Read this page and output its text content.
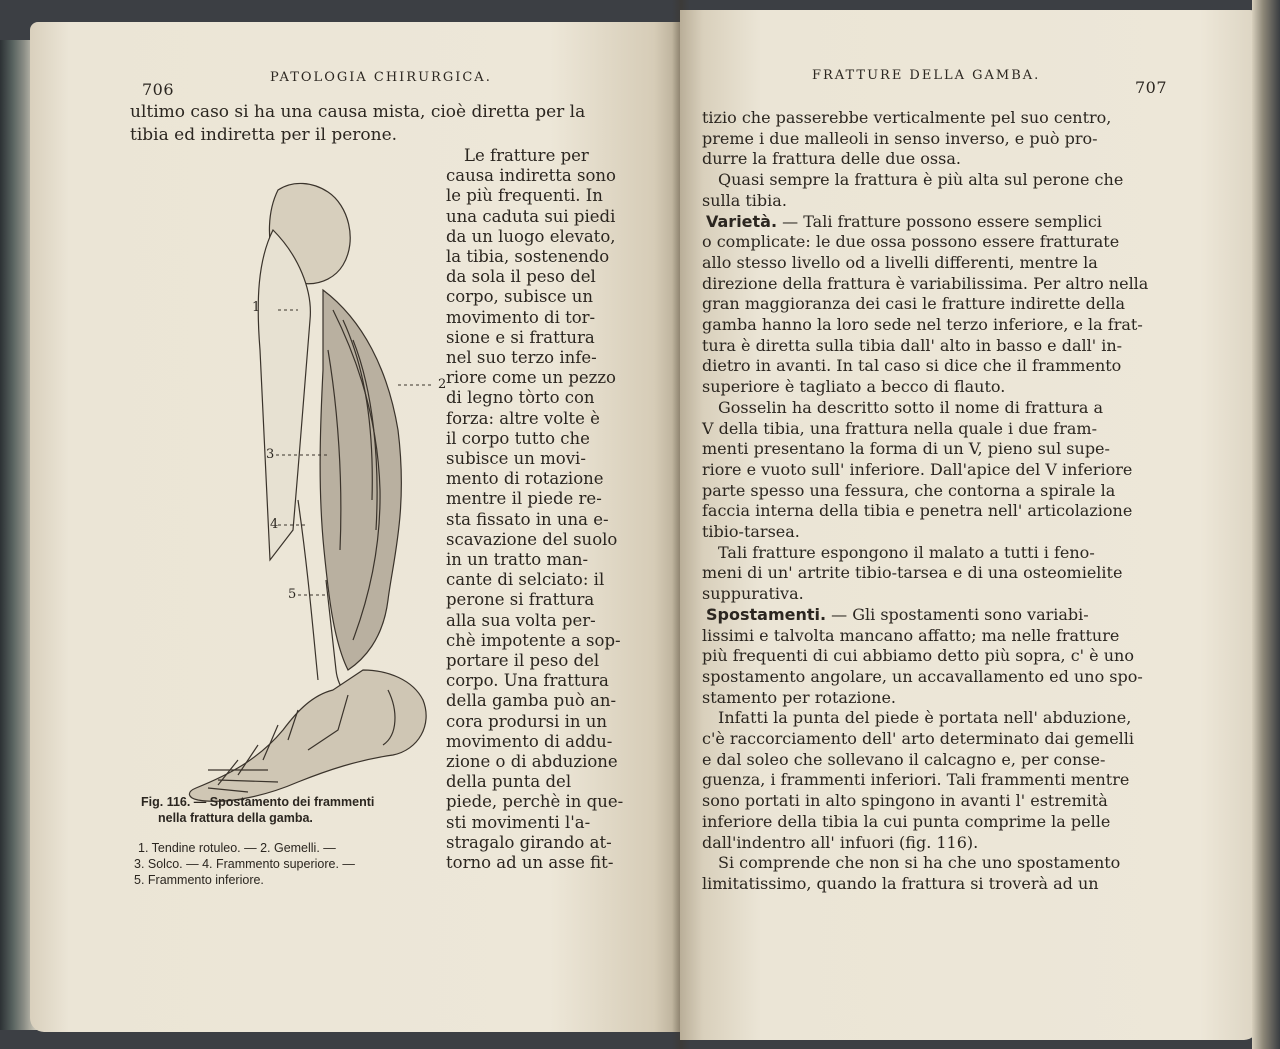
706
PATOLOGIA CHIRURGICA.
ultimo caso si ha una causa mista, cioè diretta per la
tibia ed indiretta per il perone.
Le fratture per
causa indiretta sono
le più frequenti. In
una caduta sui piedi
da un luogo elevato,
la tibia, sostenendo
da sola il peso del
corpo, subisce un
movimento di tor-
sione e si frattura
nel suo terzo infe-
riore come un pezzo
di legno tòrto con
forza: altre volte è
il corpo tutto che
subisce un movi-
mento di rotazione
mentre il piede re-
sta fissato in una e-
scavazione del suolo
in un tratto man-
cante di selciato: il
perone si frattura
alla sua volta per-
chè impotente a sop-
portare il peso del
corpo. Una frattura
della gamba può an-
cora prodursi in un
movimento di addu-
zione o di abduzione
della punta del
piede, perchè in que-
sti movimenti l'a-
stragalo girando at-
torno ad un asse fit-
1
2
3
4
5
Fig. 116. — Spostamento dei frammenti
nella frattura della gamba.
1. Tendine rotuleo. — 2. Gemelli. —
3. Solco. — 4. Frammento superiore. —
5. Frammento inferiore.
FRATTURE DELLA GAMBA.
707
tizio che passerebbe verticalmente pel suo centro,
preme i due malleoli in senso inverso, e può pro-
durre la frattura delle due ossa.
Quasi sempre la frattura è più alta sul perone che
sulla tibia.
Varietà. — Tali fratture possono essere semplici
o complicate: le due ossa possono essere fratturate
allo stesso livello od a livelli differenti, mentre la
direzione della frattura è variabilissima. Per altro nella
gran maggioranza dei casi le fratture indirette della
gamba hanno la loro sede nel terzo inferiore, e la frat-
tura è diretta sulla tibia dall' alto in basso e dall' in-
dietro in avanti. In tal caso si dice che il frammento
superiore è tagliato a becco di flauto.
Gosselin ha descritto sotto il nome di frattura a
V della tibia, una frattura nella quale i due fram-
menti presentano la forma di un V, pieno sul supe-
riore e vuoto sull' inferiore. Dall'apice del V inferiore
parte spesso una fessura, che contorna a spirale la
faccia interna della tibia e penetra nell' articolazione
tibio-tarsea.
Tali fratture espongono il malato a tutti i feno-
meni di un' artrite tibio-tarsea e di una osteomielite
suppurativa.
Spostamenti. — Gli spostamenti sono variabi-
lissimi e talvolta mancano affatto; ma nelle fratture
più frequenti di cui abbiamo detto più sopra, c' è uno
spostamento angolare, un accavallamento ed uno spo-
stamento per rotazione.
Infatti la punta del piede è portata nell' abduzione,
c'è raccorciamento dell' arto determinato dai gemelli
e dal soleo che sollevano il calcagno e, per conse-
guenza, i frammenti inferiori. Tali frammenti mentre
sono portati in alto spingono in avanti l' estremità
inferiore della tibia la cui punta comprime la pelle
dall'indentro all' infuori (fig. 116).
Si comprende che non si ha che uno spostamento
limitatissimo, quando la frattura si troverà ad un
